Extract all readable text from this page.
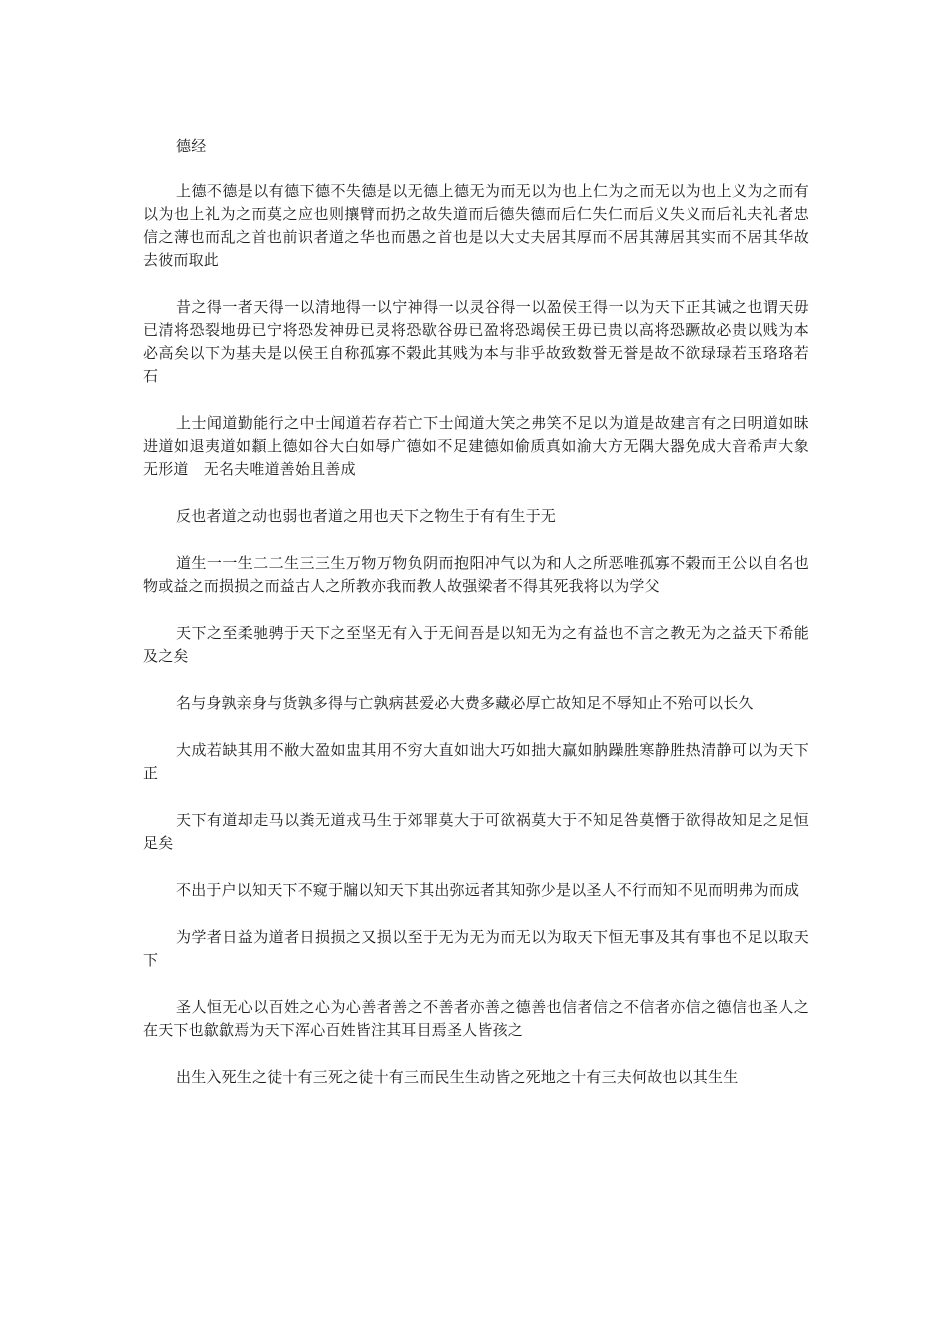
德经

上德不德是以有德下德不失德是以无德上德无为而无以为也上仁为之而无以为也上义为之而有以为也上礼为之而莫之应也则攘臂而扔之故失道而后德失德而后仁失仁而后义失义而后礼夫礼者忠信之薄也而乱之首也前识者道之华也而愚之首也是以大丈夫居其厚而不居其薄居其实而不居其华故去彼而取此

昔之得一者天得一以清地得一以宁神得一以灵谷得一以盈侯王得一以为天下正其诫之也谓天毋已清将恐裂地毋已宁将恐发神毋已灵将恐歇谷毋已盈将恐竭侯王毋已贵以高将恐蹶故必贵以贱为本必高矣以下为基夫是以侯王自称孤寡不榖此其贱为本与非乎故致数誉无誉是故不欲琭琭若玉珞珞若石

上士闻道勤能行之中士闻道若存若亡下士闻道大笑之弗笑不足以为道是故建言有之曰明道如昧进道如退夷道如纇上德如谷大白如辱广德如不足建德如偷质真如渝大方无隅大器免成大音希声大象无形道　无名夫唯道善始且善成

反也者道之动也弱也者道之用也天下之物生于有有生于无

道生一一生二二生三三生万物万物负阴而抱阳冲气以为和人之所恶唯孤寡不榖而王公以自名也物或益之而损损之而益古人之所教亦我而教人故强梁者不得其死我将以为学父

天下之至柔驰骋于天下之至坚无有入于无间吾是以知无为之有益也不言之教无为之益天下希能及之矣

名与身孰亲身与货孰多得与亡孰病甚爱必大费多藏必厚亡故知足不辱知止不殆可以长久

大成若缺其用不敝大盈如盅其用不穷大直如诎大巧如拙大赢如肭躁胜寒静胜热清静可以为天下正

天下有道却走马以粪无道戎马生于郊罪莫大于可欲祸莫大于不知足咎莫憯于欲得故知足之足恒足矣

不出于户以知天下不窥于牖以知天下其出弥远者其知弥少是以圣人不行而知不见而明弗为而成

为学者日益为道者日损损之又损以至于无为无为而无以为取天下恒无事及其有事也不足以取天下

圣人恒无心以百姓之心为心善者善之不善者亦善之德善也信者信之不信者亦信之德信也圣人之在天下也歙歙焉为天下浑心百姓皆注其耳目焉圣人皆孩之

出生入死生之徒十有三死之徒十有三而民生生动皆之死地之十有三夫何故也以其生生
